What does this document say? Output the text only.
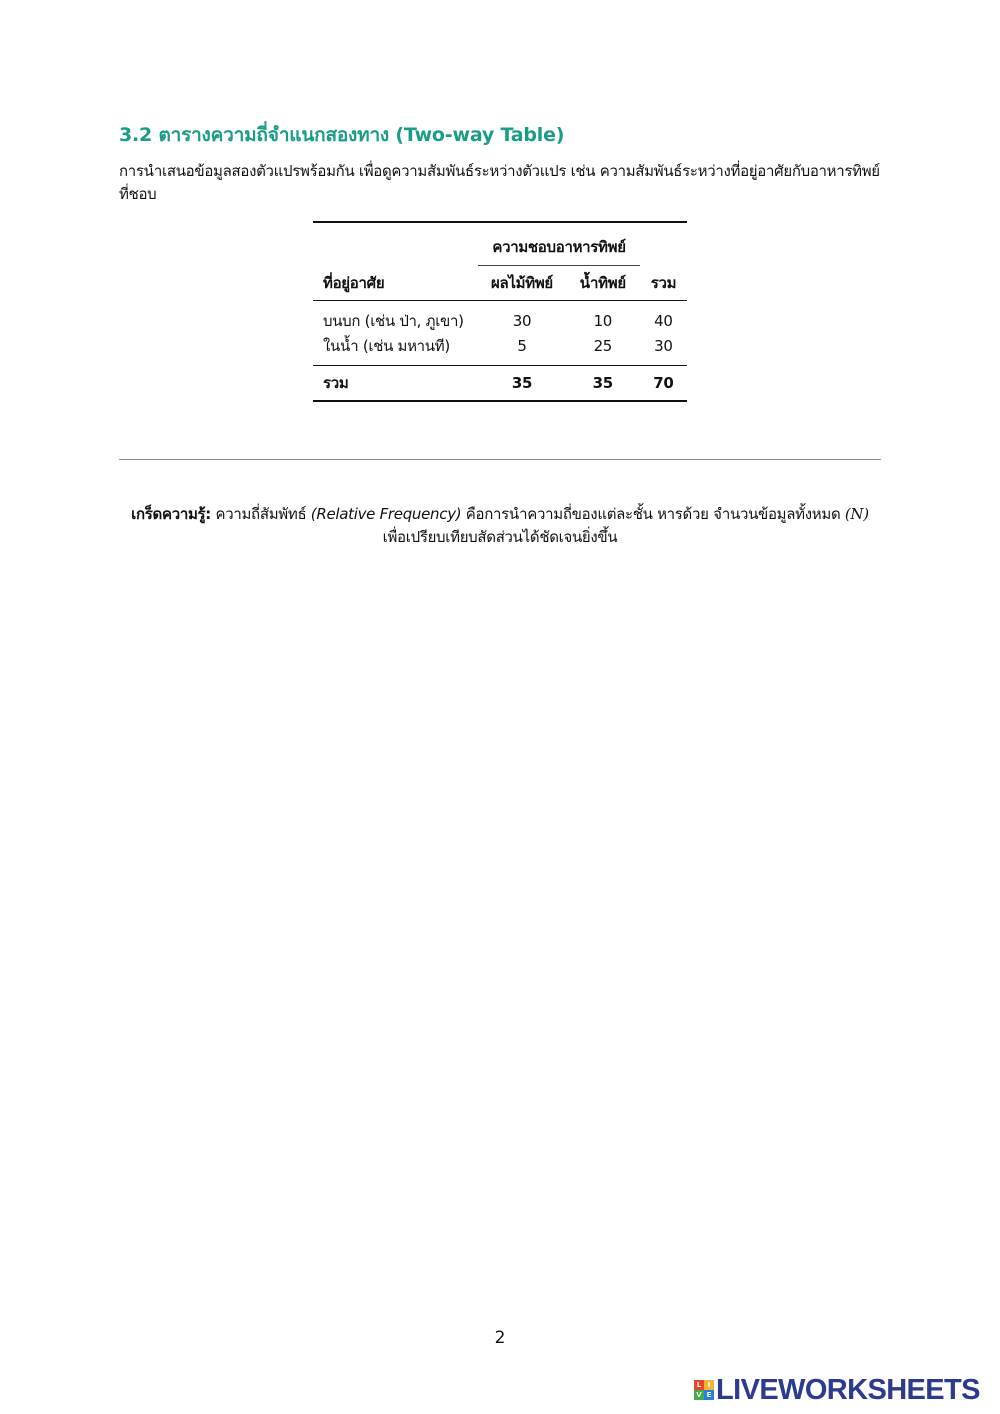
3.2 ตารางความถี่จำแนกสองทาง (Two-way Table)
การนำเสนอข้อมูลสองตัวแปรพร้อมกัน เพื่อดูความสัมพันธ์ระหว่างตัวแปร เช่น ความสัมพันธ์ระหว่างที่อยู่อาศัยกับอาหารทิพย์ที่ชอบ
	ความชอบอาหารทิพย์		
ที่อยู่อาศัย	ผลไม้ทิพย์	น้ำทิพย์	รวม
บนบก (เช่น ป่า, ภูเขา)	30	10	40
ในน้ำ (เช่น มหานที)	5	25	30
รวม	35	35	70
เกร็ดความรู้: ความถี่สัมพัทธ์ (Relative Frequency) คือการนำความถี่ของแต่ละชั้น หารด้วย จำนวนข้อมูลทั้งหมด (N) เพื่อเปรียบเทียบสัดส่วนได้ชัดเจนยิ่งขึ้น
2
L I
V E LIVEWORKSHEETS
